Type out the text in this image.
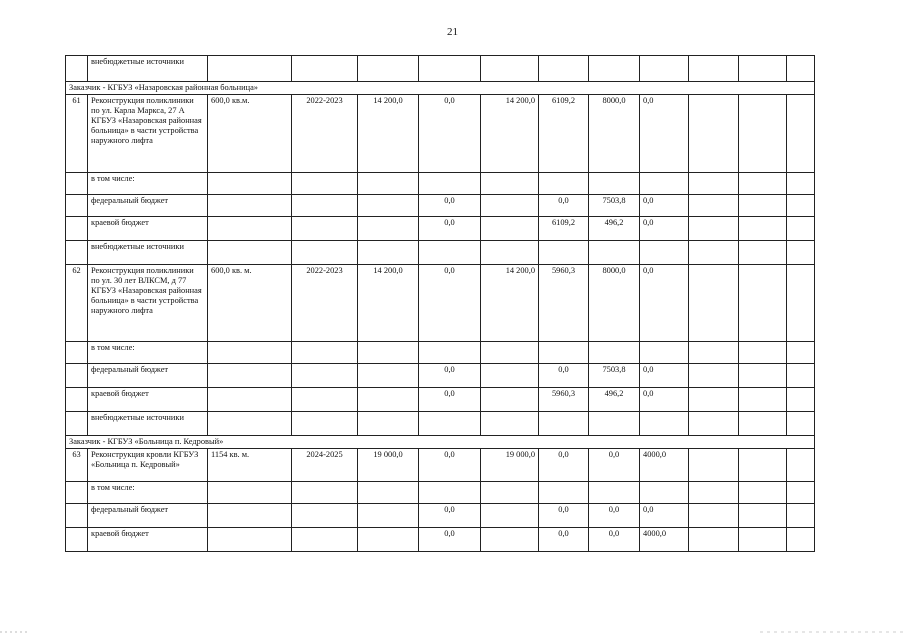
21
	внебюджетные источники											
Заказчик - КГБУЗ «Назаровская районная больница»												
61	Реконструкция поликлиники по ул. Карла Маркса, 27 А КГБУЗ «Назаровская районная больница» в части устройства наружного лифта	600,0 кв.м.	2022-2023	14 200,0	0,0	14 200,0	6109,2	8000,0	0,0			
	в том числе:											
	федеральный бюджет				0,0		0,0	7503,8	0,0			
	краевой бюджет				0,0		6109,2	496,2	0,0			
	внебюджетные источники											
62	Реконструкция поликлиники по ул. 30 лет ВЛКСМ, д 77 КГБУЗ «Назаровская районная больница» в части устройства наружного лифта	600,0 кв. м.	2022-2023	14 200,0	0,0	14 200,0	5960,3	8000,0	0,0			
	в том числе:											
	федеральный бюджет				0,0		0,0	7503,8	0,0			
	краевой бюджет				0,0		5960,3	496,2	0,0			
	внебюджетные источники											
Заказчик - КГБУЗ «Больница п. Кедровый»												
63	Реконструкция кровли КГБУЗ «Больница п. Кедровый»	1154 кв. м.	2024-2025	19 000,0	0,0	19 000,0	0,0	0,0	4000,0			
	в том числе:											
	федеральный бюджет				0,0		0,0	0,0	0,0			
	краевой бюджет				0,0		0,0	0,0	4000,0			
